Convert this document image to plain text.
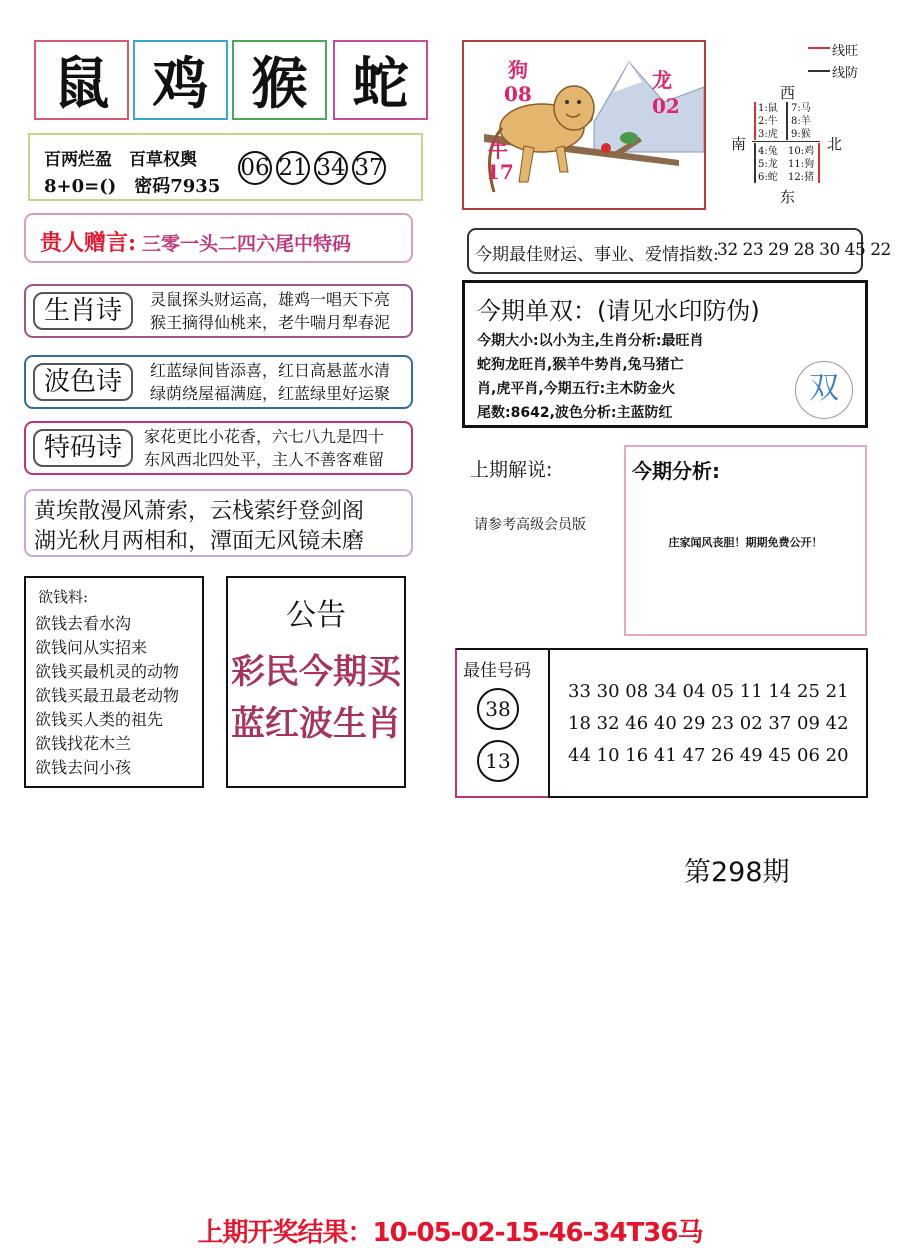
鼠 鸡 猴 蛇
百两烂盈　百草权舆
8+0=()　密码7935
06 21 34 37
贵人赠言: 三零一头二四六尾中特码
生肖诗	灵鼠探头财运高，雄鸡一唱天下亮
猴王摘得仙桃来，老牛喘月犁春泥
波色诗	红蓝绿间皆添喜，红日高悬蓝水清
绿荫绕屋福满庭，红蓝绿里好运聚
特码诗	家花更比小花香，六七八九是四十
东风西北四处平，主人不善客难留
黄埃散漫风萧索，云栈萦纡登剑阁
湖光秋月两相和，潭面无风镜未磨
欲钱料:
欲钱去看水沟
欲钱问从实招来
欲钱买最机灵的动物
欲钱买最丑最老动物
欲钱买人类的祖先
欲钱找花木兰
欲钱去问小孩
公告
彩民今期买
蓝红波生肖
狗
08
龙
02
牛
17
线旺
线防
西
东
南	北
1:鼠
2:牛
3:虎
7:马
8:羊
9:猴
4:兔
5:龙
6:蛇
10:鸡
11:狗
12:猪
今期最佳财运、事业、爱情指数:
32 23 29 28 30 45 22
今期单双：(请见水印防伪)
今期大小:以小为主,生肖分析:最旺肖
蛇狗龙旺肖,猴羊牛势肖,兔马猪亡
肖,虎平肖,今期五行:主木防金火
尾数:8642,波色分析:主蓝防红
双
上期解说:
请参考高级会员版
今期分析:
庄家闻风丧胆！期期免费公开！
最佳号码
38
13
33 30 08 34 04 05 11 14 25 21
18 32 46 40 29 23 02 37 09 42
44 10 16 41 47 26 49 45 06 20
第298期
上期开奖结果：10-05-02-15-46-34T36马
